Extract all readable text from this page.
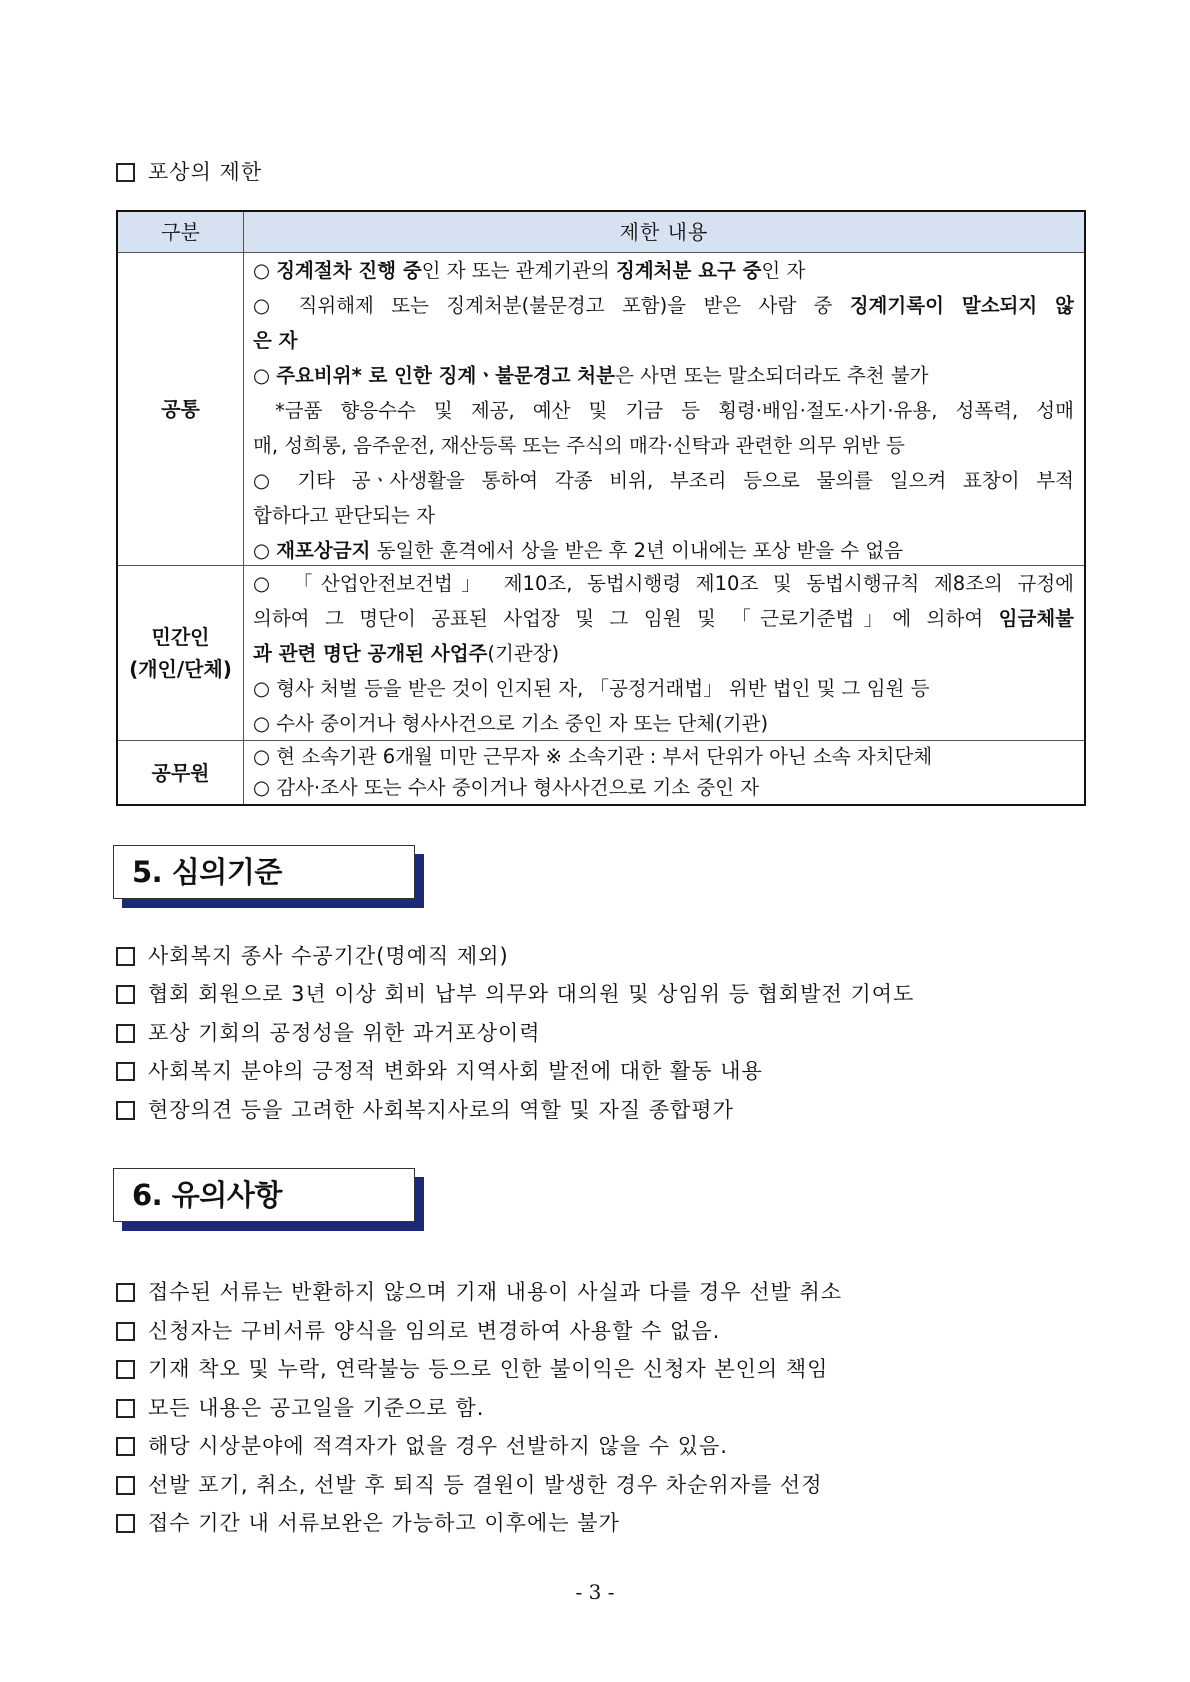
포상의 제한
구분	제한 내용
공통
○ 징계절차 진행 중인 자 또는 관계기관의 징계처분 요구 중인 자
○ 직위해제 또는 징계처분(불문경고 포함)을 받은 사람 중 징계기록이 말소되지 않
은 자
○ 주요비위* 로 인한 징계ㆍ불문경고 처분은 사면 또는 말소되더라도 추천 불가
*금품 향응수수 및 제공, 예산 및 기금 등 횡령·배임·절도·사기·유용, 성폭력, 성매
매, 성희롱, 음주운전, 재산등록 또는 주식의 매각·신탁과 관련한 의무 위반 등
○ 기타 공ㆍ사생활을 통하여 각종 비위, 부조리 등으로 물의를 일으켜 표창이 부적
합하다고 판단되는 자
○ 재포상금지 동일한 훈격에서 상을 받은 후 2년 이내에는 포상 받을 수 없음
민간인
(개인/단체)
○ 「산업안전보건법」 제10조, 동법시행령 제10조 및 동법시행규칙 제8조의 규정에
의하여 그 명단이 공표된 사업장 및 그 임원 및 「근로기준법」에 의하여 임금체불
과 관련 명단 공개된 사업주(기관장)
○ 형사 처벌 등을 받은 것이 인지된 자, 「공정거래법」 위반 법인 및 그 임원 등
○ 수사 중이거나 형사사건으로 기소 중인 자 또는 단체(기관)
공무원
○ 현 소속기관 6개월 미만 근무자 ※ 소속기관 : 부서 단위가 아닌 소속 자치단체
○ 감사·조사 또는 수사 중이거나 형사사건으로 기소 중인 자
5. 심의기준
사회복지 종사 수공기간(명예직 제외)
협회 회원으로 3년 이상 회비 납부 의무와 대의원 및 상임위 등 협회발전 기여도
포상 기회의 공정성을 위한 과거포상이력
사회복지 분야의 긍정적 변화와 지역사회 발전에 대한 활동 내용
현장의견 등을 고려한 사회복지사로의 역할 및 자질 종합평가
6. 유의사항
접수된 서류는 반환하지 않으며 기재 내용이 사실과 다를 경우 선발 취소
신청자는 구비서류 양식을 임의로 변경하여 사용할 수 없음.
기재 착오 및 누락, 연락불능 등으로 인한 불이익은 신청자 본인의 책임
모든 내용은 공고일을 기준으로 함.
해당 시상분야에 적격자가 없을 경우 선발하지 않을 수 있음.
선발 포기, 취소, 선발 후 퇴직 등 결원이 발생한 경우 차순위자를 선정
접수 기간 내 서류보완은 가능하고 이후에는 불가
- 3 -
